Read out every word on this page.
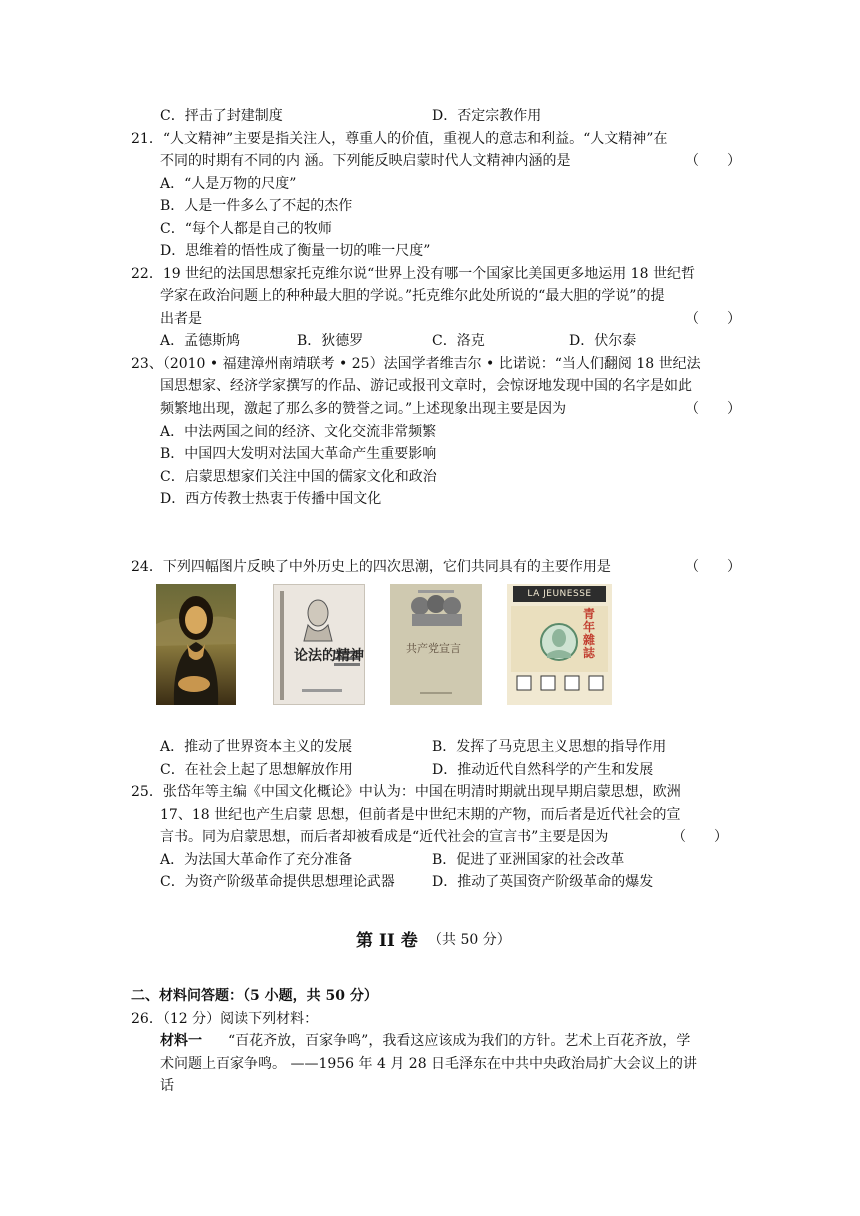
C．抨击了封建制度	D．否定宗教作用
21．“人文精神”主要是指关注人，尊重人的价值，重视人的意志和利益。“人文精神”在
不同的时期有不同的内 涵。下列能反映启蒙时代人文精神内涵的是	（　　）
A．“人是万物的尺度”
B．人是一件多么了不起的杰作
C．“每个人都是自己的牧师
D．思维着的悟性成了衡量一切的唯一尺度”
22．19 世纪的法国思想家托克维尔说“世界上没有哪一个国家比美国更多地运用 18 世纪哲
学家在政治问题上的种种最大胆的学说。”托克维尔此处所说的“最大胆的学说”的提
出者是	（　　）
A．孟德斯鸠	B．狄德罗	C．洛克	D．伏尔泰
23、（2010 • 福建漳州南靖联考 • 25）法国学者维吉尔 • 比诺说：“当人们翻阅 18 世纪法
国思想家、经济学家撰写的作品、游记或报刊文章时，会惊讶地发现中国的名字是如此
频繁地出现，激起了那么多的赞誉之词。”上述现象出现主要是因为	（　　）
A．中法两国之间的经济、文化交流非常频繁
B．中国四大发明对法国大革命产生重要影响
C．启蒙思想家们关注中国的儒家文化和政治
D．西方传教士热衷于传播中国文化
24．下列四幅图片反映了中外历史上的四次思潮，它们共同具有的主要作用是	（　　）
论法的精神	共产党宣言
LA JEUNESSE
青年雜誌
A．推动了世界资本主义的发展	B．发挥了马克思主义思想的指导作用
C．在社会上起了思想解放作用	D．推动近代自然科学的产生和发展
25．张岱年等主编《中国文化概论》中认为：中国在明清时期就出现早期启蒙思想，欧洲
17、18 世纪也产生启蒙 思想，但前者是中世纪末期的产物，而后者是近代社会的宣
言书。同为启蒙思想，而后者却被看成是“近代社会的宣言书”主要是因为	（　　）
A．为法国大革命作了充分准备	B．促进了亚洲国家的社会改革
C．为资产阶级革命提供思想理论武器	D．推动了英国资产阶级革命的爆发
第 II 卷 （共 50 分）
二、材料问答题：（5 小题，共 50 分）
26．（12 分）阅读下列材料：
材料一 “百花齐放，百家争鸣”，我看这应该成为我们的方针。艺术上百花齐放，学
术问题上百家争鸣。 ——1956 年 4 月 28 日毛泽东在中共中央政治局扩大会议上的讲
话
